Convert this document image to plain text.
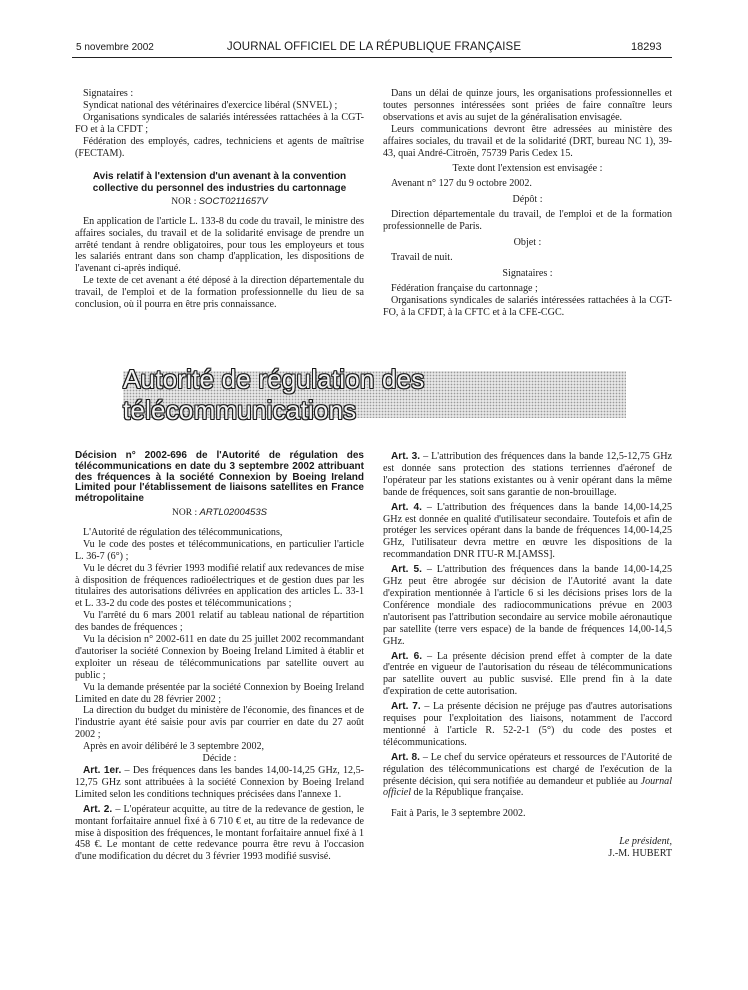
5 novembre 2002	JOURNAL OFFICIEL DE LA RÉPUBLIQUE FRANÇAISE	18293

Signataires :

Syndicat national des vétérinaires d'exercice libéral (SNVEL) ;

Organisations syndicales de salariés intéressées rattachées à la CGT-FO et à la CFDT ;

Fédération des employés, cadres, techniciens et agents de maîtrise (FECTAM).

Avis relatif à l'extension d'un avenant à la convention collective du personnel des industries du cartonnage

NOR : SOCT0211657V

En application de l'article L. 133-8 du code du travail, le ministre des affaires sociales, du travail et de la solidarité envisage de prendre un arrêté tendant à rendre obligatoires, pour tous les employeurs et tous les salariés entrant dans son champ d'application, les dispositions de l'avenant ci-après indiqué.

Le texte de cet avenant a été déposé à la direction départementale du travail, de l'emploi et de la formation professionnelle du lieu de sa conclusion, où il pourra en être pris connaissance.

Dans un délai de quinze jours, les organisations professionnelles et toutes personnes intéressées sont priées de faire connaître leurs observations et avis au sujet de la généralisation envisagée.

Leurs communications devront être adressées au ministère des affaires sociales, du travail et de la solidarité (DRT, bureau NC 1), 39-43, quai André-Citroën, 75739 Paris Cedex 15.

Texte dont l'extension est envisagée :

Avenant n° 127 du 9 octobre 2002.

Dépôt :

Direction départementale du travail, de l'emploi et de la formation professionnelle de Paris.

Objet :

Travail de nuit.

Signataires :

Fédération française du cartonnage ;

Organisations syndicales de salariés intéressées rattachées à la CGT-FO, à la CFDT, à la CFTC et à la CFE-CGC.

Autorité de régulation des télécommunications

Décision n° 2002-696 de l'Autorité de régulation des télécommunications en date du 3 septembre 2002 attribuant des fréquences à la société Connexion by Boeing Ireland Limited pour l'établissement de liaisons satellites en France métropolitaine

NOR : ARTL0200453S

L'Autorité de régulation des télécommunications,

Vu le code des postes et télécommunications, en particulier l'article L. 36-7 (6°) ;

Vu le décret du 3 février 1993 modifié relatif aux redevances de mise à disposition de fréquences radioélectriques et de gestion dues par les titulaires des autorisations délivrées en application des articles L. 33-1 et L. 33-2 du code des postes et télécommunications ;

Vu l'arrêté du 6 mars 2001 relatif au tableau national de répartition des bandes de fréquences ;

Vu la décision n° 2002-611 en date du 25 juillet 2002 recommandant d'autoriser la société Connexion by Boeing Ireland Limited à établir et exploiter un réseau de télécommunications par satellite ouvert au public ;

Vu la demande présentée par la société Connexion by Boeing Ireland Limited en date du 28 février 2002 ;

La direction du budget du ministère de l'économie, des finances et de l'industrie ayant été saisie pour avis par courrier en date du 27 août 2002 ;

Après en avoir délibéré le 3 septembre 2002,

Décide :

Art. 1er. – Des fréquences dans les bandes 14,00-14,25 GHz, 12,5-12,75 GHz sont attribuées à la société Connexion by Boeing Ireland Limited selon les conditions techniques précisées dans l'annexe 1.

Art. 2. – L'opérateur acquitte, au titre de la redevance de gestion, le montant forfaitaire annuel fixé à 6 710 € et, au titre de la redevance de mise à disposition des fréquences, le montant forfaitaire annuel fixé à 1 458 €. Le montant de cette redevance pourra être revu à l'occasion d'une modification du décret du 3 février 1993 modifié susvisé.

Art. 3. – L'attribution des fréquences dans la bande 12,5-12,75 GHz est donnée sans protection des stations terriennes d'aéronef de l'opérateur par les stations existantes ou à venir opérant dans la même bande de fréquences, soit sans garantie de non-brouillage.

Art. 4. – L'attribution des fréquences dans la bande 14,00-14,25 GHz est donnée en qualité d'utilisateur secondaire. Toutefois et afin de protéger les services opérant dans la bande de fréquences 14,00-14,25 GHz, l'utilisateur devra mettre en œuvre les dispositions de la recommandation DNR ITU-R M.[AMSS].

Art. 5. – L'attribution des fréquences dans la bande 14,00-14,25 GHz peut être abrogée sur décision de l'Autorité avant la date d'expiration mentionnée à l'article 6 si les décisions prises lors de la Conférence mondiale des radiocommunications prévue en 2003 n'autorisent pas l'attribution secondaire au service mobile aéronautique par satellite (terre vers espace) de la bande de fréquences 14,00-14,5 GHz.

Art. 6. – La présente décision prend effet à compter de la date d'entrée en vigueur de l'autorisation du réseau de télécommunications par satellite ouvert au public susvisé. Elle prend fin à la date d'expiration de cette autorisation.

Art. 7. – La présente décision ne préjuge pas d'autres autorisations requises pour l'exploitation des liaisons, notamment de l'accord mentionné à l'article R. 52-2-1 (5°) du code des postes et télécommunications.

Art. 8. – Le chef du service opérateurs et ressources de l'Autorité de régulation des télécommunications est chargé de l'exécution de la présente décision, qui sera notifiée au demandeur et publiée au Journal officiel de la République française.

Fait à Paris, le 3 septembre 2002.

Le président,

J.-M. HUBERT
